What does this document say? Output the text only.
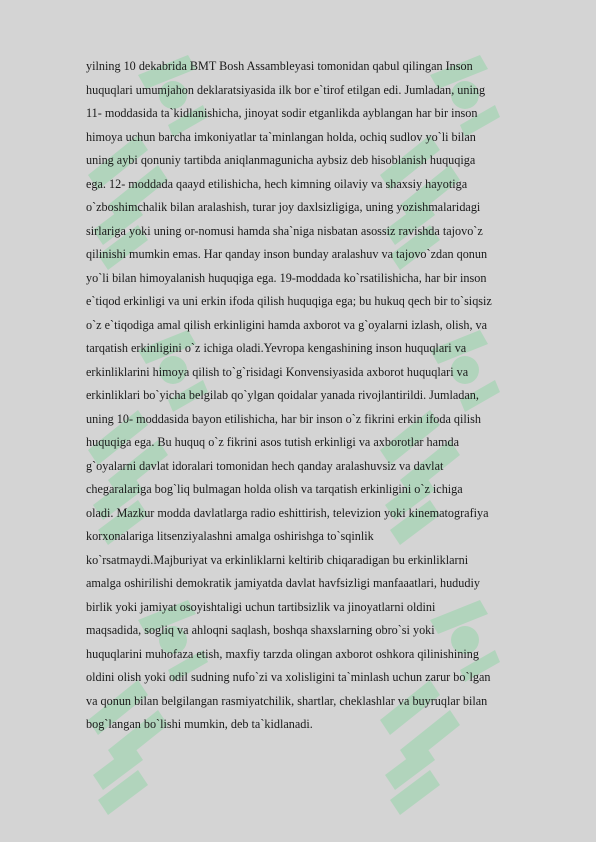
yilning 10 dekabrida BMT Bosh Assambleyasi tomonidan qabul qilingan Inson
huquqlari umumjahon deklaratsiyasida ilk bor e`tirof etilgan edi. Jumladan, uning
11- moddasida ta`kidlanishicha, jinoyat sodir etganlikda ayblangan har bir inson
himoya uchun barcha imkoniyatlar ta`minlangan holda, ochiq sudlov yo`li bilan
uning aybi qonuniy tartibda aniqlanmagunicha aybsiz deb hisoblanish huquqiga
ega. 12- moddada qaayd etilishicha, hech kimning oilaviy va shaxsiy hayotiga
o`zboshimchalik bilan aralashish, turar joy daxlsizligiga, uning yozishmalaridagi
sirlariga yoki uning or-nomusi hamda sha`niga nisbatan asossiz ravishda tajovo`z
qilinishi mumkin emas. Har qanday inson bunday aralashuv va tajovo`zdan qonun
yo`li bilan himoyalanish huquqiga ega. 19-moddada ko`rsatilishicha, har bir inson
e`tiqod erkinligi va uni erkin ifoda qilish huquqiga ega; bu hukuq qech bir to`siqsiz
o`z e`tiqodiga amal qilish erkinligini hamda axborot va g`oyalarni izlash, olish, va
tarqatish erkinligini o`z ichiga oladi.Yevropa kengashining inson huquqlari va
erkinliklarini himoya qilish to`g`risidagi Konvensiyasida axborot huquqlari va
erkinliklari bo`yicha belgilab qo`ylgan qoidalar yanada rivojlantirildi. Jumladan,
uning 10- moddasida bayon etilishicha, har bir inson o`z fikrini erkin ifoda qilish
huquqiga ega. Bu huquq o`z fikrini asos tutish erkinligi va axborotlar hamda
g`oyalarni davlat idoralari tomonidan hech qanday aralashuvsiz va davlat
chegaralariga bog`liq bulmagan holda olish va tarqatish erkinligini o`z ichiga
oladi. Mazkur modda davlatlarga radio eshittirish, televizion yoki kinematografiya
korxonalariga litsenziyalashni amalga oshirishga to`sqinlik
ko`rsatmaydi.Majburiyat va erkinliklarni keltirib chiqaradigan bu erkinliklarni
amalga oshirilishi demokratik jamiyatda davlat havfsizligi manfaaatlari, hududiy
birlik yoki jamiyat osoyishtaligi uchun tartibsizlik va jinoyatlarni oldini
maqsadida, sogliq va ahloqni saqlash, boshqa shaxslarning obro`si yoki
huquqlarini muhofaza etish, maxfiy tarzda olingan axborot oshkora qilinishining
oldini olish yoki odil sudning nufo`zi va xolisligini ta`minlash uchun zarur bo`lgan
va qonun bilan belgilangan rasmiyatchilik, shartlar, cheklashlar va buyruqlar bilan
bog`langan bo`lishi mumkin, deb ta`kidlanadi.
